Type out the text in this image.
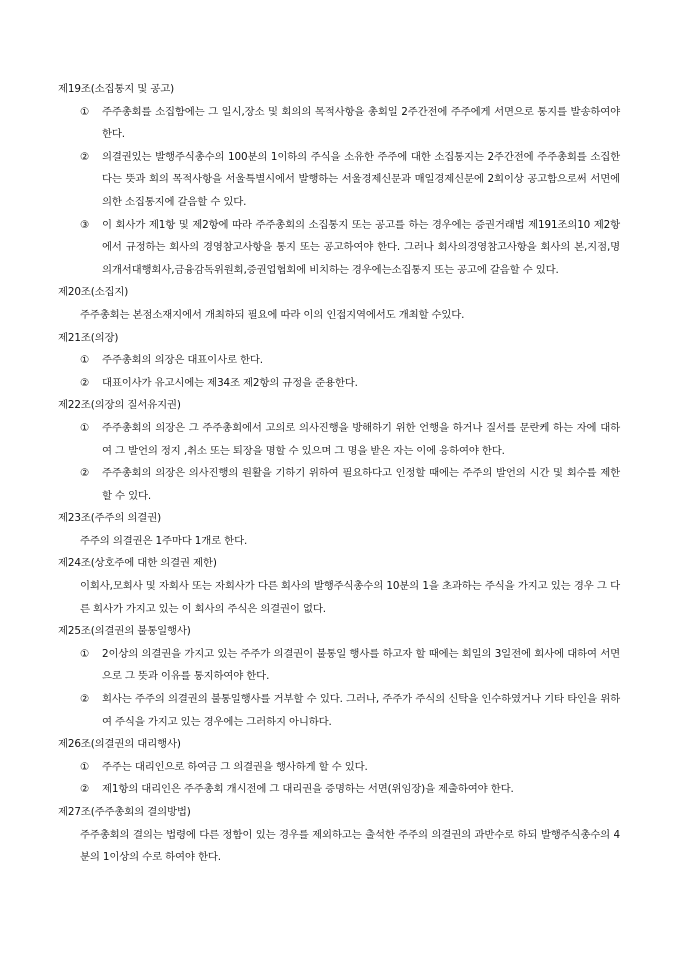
제19조(소집통지 및 공고)
①	주주총회를 소집함에는 그 일시,장소 및 회의의 목적사항을 총회일 2주간전에 주주에게 서면으로 통지를 발송하여야 한다.
②	의결권있는 발행주식총수의 100분의 1이하의 주식을 소유한 주주에 대한 소집통지는 2주간전에 주주총회를 소집한다는 뜻과 회의 목적사항을 서울특별시에서 발행하는 서울경제신문과 매일경제신문에 2회이상 공고함으로써 서면에 의한 소집통지에 갈음할 수 있다.
③	이 회사가 제1항 및 제2항에 따라 주주총회의 소집통지 또는 공고를 하는 경우에는 증권거래법 제191조의10 제2항에서 규정하는 회사의 경영참고사항을 통지 또는 공고하여야 한다. 그러나 회사의경영참고사항을 회사의 본,지점,명의개서대행회사,금융감독위원회,증권업협회에 비치하는 경우에는소집통지 또는 공고에 갈음할 수 있다.
제20조(소집지)
주주총회는 본점소재지에서 개최하되 필요에 따라 이의 인접지역에서도 개최할 수있다.
제21조(의장)
①	주주총회의 의장은 대표이사로 한다.
②	대표이사가 유고시에는 제34조 제2항의 규정을 준용한다.
제22조(의장의 질서유지권)
①	주주총회의 의장은 그 주주총회에서 고의로 의사진행을 방해하기 위한 언행을 하거나 질서를 문란케 하는 자에 대하여 그 발언의 정지 ,취소 또는 퇴장을 명할 수 있으며 그 명을 받은 자는 이에 응하여야 한다.
②	주주총회의 의장은 의사진행의 원활을 기하기 위하여 필요하다고 인정할 때에는 주주의 발언의 시간 및 회수를 제한할 수 있다.
제23조(주주의 의결권)
주주의 의결권은 1주마다 1개로 한다.
제24조(상호주에 대한 의결권 제한)
이회사,모회사 및 자회사 또는 자회사가 다른 회사의 발행주식총수의 10분의 1을 초과하는 주식을 가지고 있는 경우 그 다른 회사가 가지고 있는 이 회사의 주식은 의결권이 없다.
제25조(의결권의 불통일행사)
①	2이상의 의결권을 가지고 있는 주주가 의결권이 불통일 행사를 하고자 할 때에는 회일의 3일전에 회사에 대하여 서면으로 그 뜻과 이유를 통지하여야 한다.
②	회사는 주주의 의결권의 불통일행사를 거부할 수 있다. 그러나, 주주가 주식의 신탁을 인수하였거나 기타 타인을 위하여 주식을 가지고 있는 경우에는 그러하지 아니하다.
제26조(의결권의 대리행사)
①	주주는 대리인으로 하여금 그 의결권을 행사하게 할 수 있다.
②	제1항의 대리인은 주주총회 개시전에 그 대리권을 증명하는 서면(위임장)을 제출하여야 한다.
제27조(주주총회의 결의방법)
주주총회의 결의는 법령에 다른 정함이 있는 경우를 제외하고는 출석한 주주의 의결권의 과반수로 하되 발행주식총수의 4분의 1이상의 수로 하여야 한다.
